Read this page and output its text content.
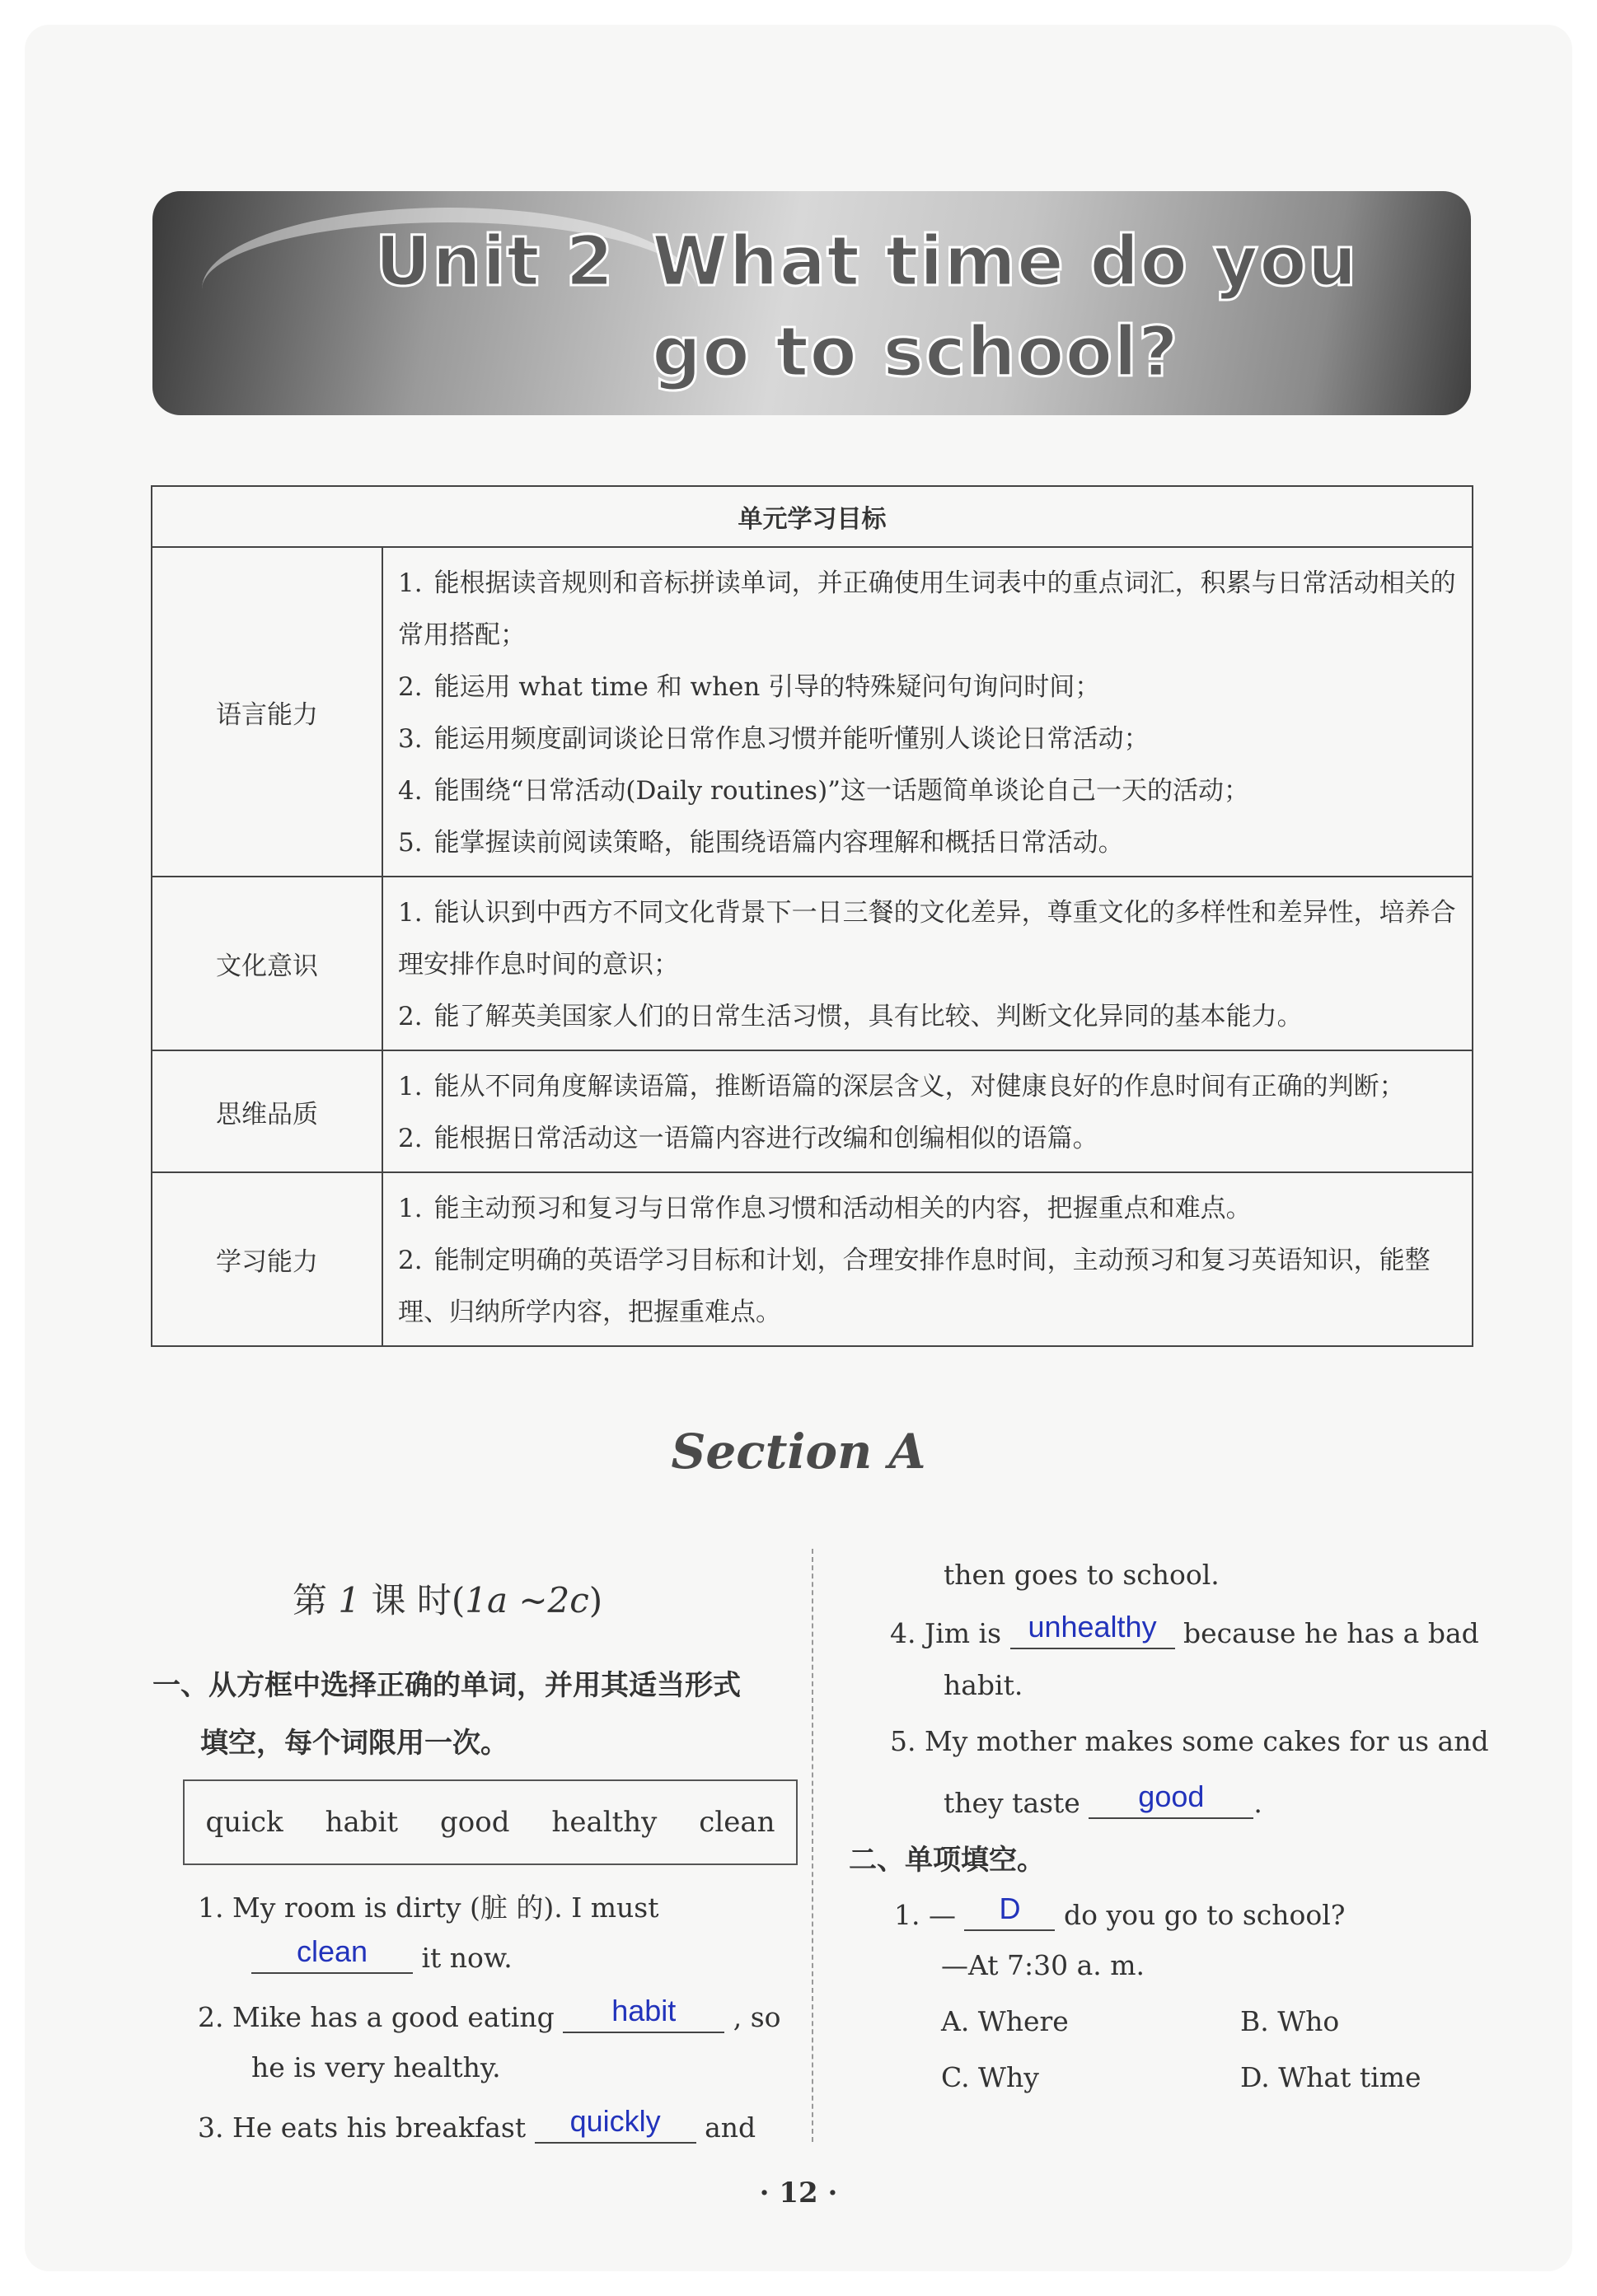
Unit 2 What time do you
go to school?
单元学习目标	
语言能力	1. 能根据读音规则和音标拼读单词，并正确使用生词表中的重点词汇，积累与日常活动相关的常用搭配；
2. 能运用 what time 和 when 引导的特殊疑问句询问时间；
3. 能运用频度副词谈论日常作息习惯并能听懂别人谈论日常活动；
4. 能围绕“日常活动(Daily routines)”这一话题简单谈论自己一天的活动；
5. 能掌握读前阅读策略，能围绕语篇内容理解和概括日常活动。

文化意识	1. 能认识到中西方不同文化背景下一日三餐的文化差异，尊重文化的多样性和差异性，培养合理安排作息时间的意识；
2. 能了解英美国家人们的日常生活习惯，具有比较、判断文化异同的基本能力。

思维品质	1. 能从不同角度解读语篇，推断语篇的深层含义，对健康良好的作息时间有正确的判断；
2. 能根据日常活动这一语篇内容进行改编和创编相似的语篇。

学习能力	1. 能主动预习和复习与日常作息习惯和活动相关的内容，把握重点和难点。
2. 能制定明确的英语学习目标和计划，合理安排作息时间，主动预习和复习英语知识，能整理、归纳所学内容，把握重难点。
Section A
第 1 课 时(1a ~2c)
一、从方框中选择正确的单词，并用其适当形式
填空，每个词限用一次。
quick habit good healthy clean
1. My room is dirty (脏 的). I must
clean	it now.
2. Mike has a good eating	habit	, so
he is very healthy.
3. He eats his breakfast	quickly	and
then goes to school.
4. Jim is unhealthy because he has a bad
habit.
5. My mother makes some cakes for us and
they taste	good	.
二、单项填空。
1. —	D	do you go to school?
—At 7:30 a. m.
A. Where	B. Who
C. Why	D. What time
· 12 ·
